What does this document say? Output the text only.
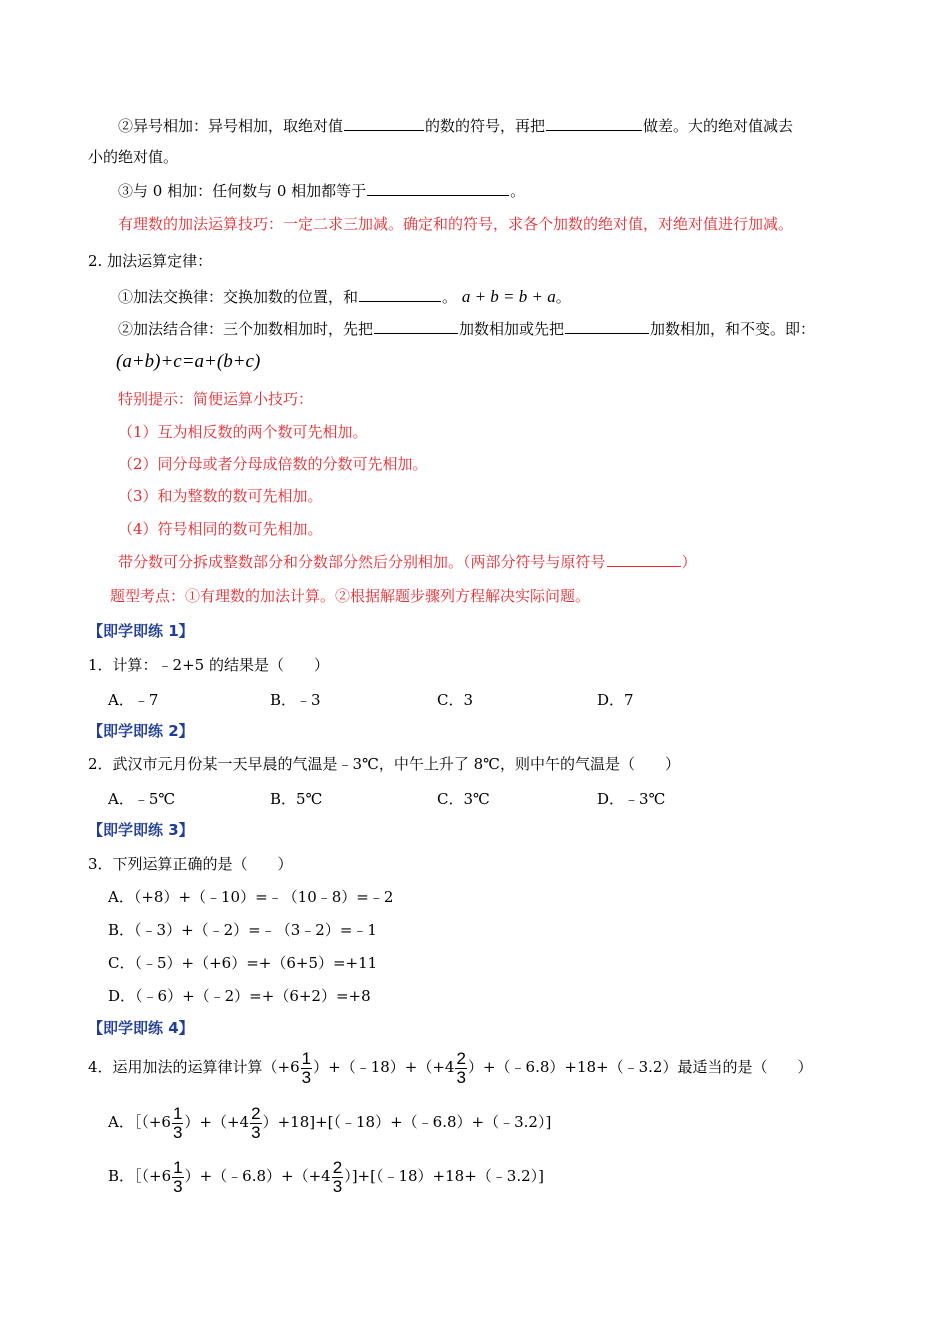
②异号相加：异号相加，取绝对值	的数的符号，再把	做差。大的绝对值减去
小的绝对值。
③与 0 相加：任何数与 0 相加都等于	。
有理数的加法运算技巧：一定二求三加减。确定和的符号，求各个加数的绝对值，对绝对值进行加减。
2. 加法运算定律：
①加法交换律：交换加数的位置，和	。 a + b = b + a。
②加法结合律：三个加数相加时，先把	加数相加或先把	加数相加，和不变。即：
(a+b)+c=a+(b+c)
特别提示：简便运算小技巧：
（1）互为相反数的两个数可先相加。
（2）同分母或者分母成倍数的分数可先相加。
（3）和为整数的数可先相加。
（4）符号相同的数可先相加。
带分数可分拆成整数部分和分数部分然后分别相加。（两部分符号与原符号	）
题型考点：①有理数的加法计算。②根据解题步骤列方程解决实际问题。
【即学即练 1】
1．计算：﹣2+5 的结果是（　　）
A．﹣7	B．﹣3	C．3	D．7
【即学即练 2】
2．武汉市元月份某一天早晨的气温是﹣3℃，中午上升了 8℃，则中午的气温是（　　）
A．﹣5℃	B．5℃	C．3℃	D．﹣3℃
【即学即练 3】
3．下列运算正确的是（　　）
A．（+8）+（﹣10）=﹣（10﹣8）=﹣2
B．（﹣3）+（﹣2）=﹣（3﹣2）=﹣1
C．（﹣5）+（+6）=+（6+5）=+11
D．（﹣6）+（﹣2）=+（6+2）=+8
【即学即练 4】
4．运用加法的运算律计算（$+6 \frac{1}{3}$ ）+（﹣18）+（+4 $\frac{2}{3}$ ）+（﹣6.8）+18+（﹣3.2）最适当的是（　　）
A．［（+6 $\frac{1}{3} )+(+4 \frac{2}{3}$ ）+18]+[（﹣18）+（﹣6.8）+（﹣3.2）]
B．［（+6 $\frac{1}{3}$ ）+（﹣6.8）+（+4 $\frac{2}{3}$ ）]+[（﹣18）+18+（﹣3.2）]
